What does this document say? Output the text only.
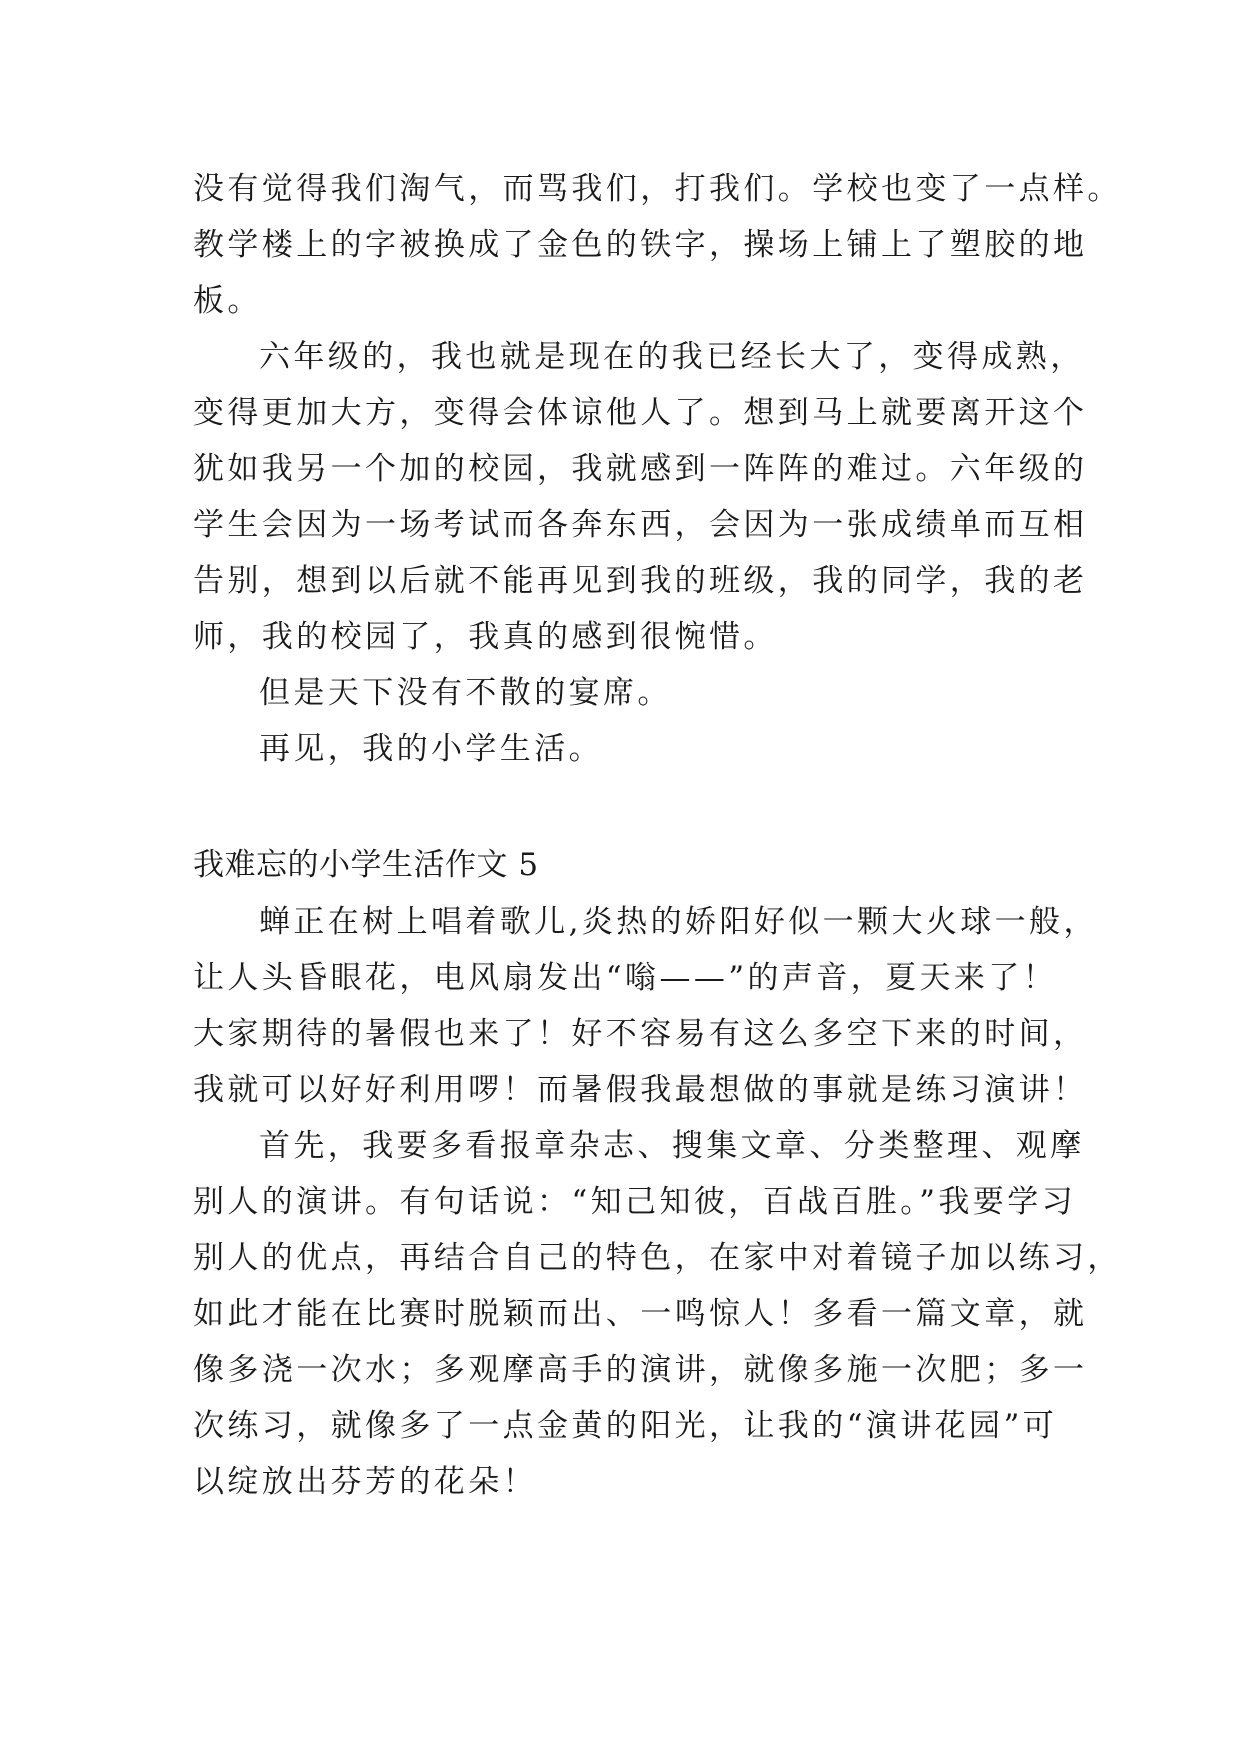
没有觉得我们淘气，而骂我们，打我们。学校也变了一点样。
教学楼上的字被换成了金色的铁字，操场上铺上了塑胶的地
板。
六年级的，我也就是现在的我已经长大了，变得成熟，
变得更加大方，变得会体谅他人了。想到马上就要离开这个
犹如我另一个加的校园，我就感到一阵阵的难过。六年级的
学生会因为一场考试而各奔东西，会因为一张成绩单而互相
告别，想到以后就不能再见到我的班级，我的同学，我的老
师，我的校园了，我真的感到很惋惜。
但是天下没有不散的宴席。
再见，我的小学生活。
我难忘的小学生活作文 5
蝉正在树上唱着歌儿,炎热的娇阳好似一颗大火球一般，
让人头昏眼花，电风扇发出“嗡——”的声音，夏天来了！
大家期待的暑假也来了！好不容易有这么多空下来的时间，
我就可以好好利用啰！而暑假我最想做的事就是练习演讲！
首先，我要多看报章杂志、搜集文章、分类整理、观摩
别人的演讲。有句话说：“知己知彼，百战百胜。”我要学习
别人的优点，再结合自己的特色，在家中对着镜子加以练习，
如此才能在比赛时脱颖而出、一鸣惊人！多看一篇文章，就
像多浇一次水；多观摩高手的演讲，就像多施一次肥；多一
次练习，就像多了一点金黄的阳光，让我的“演讲花园”可
以绽放出芬芳的花朵！
